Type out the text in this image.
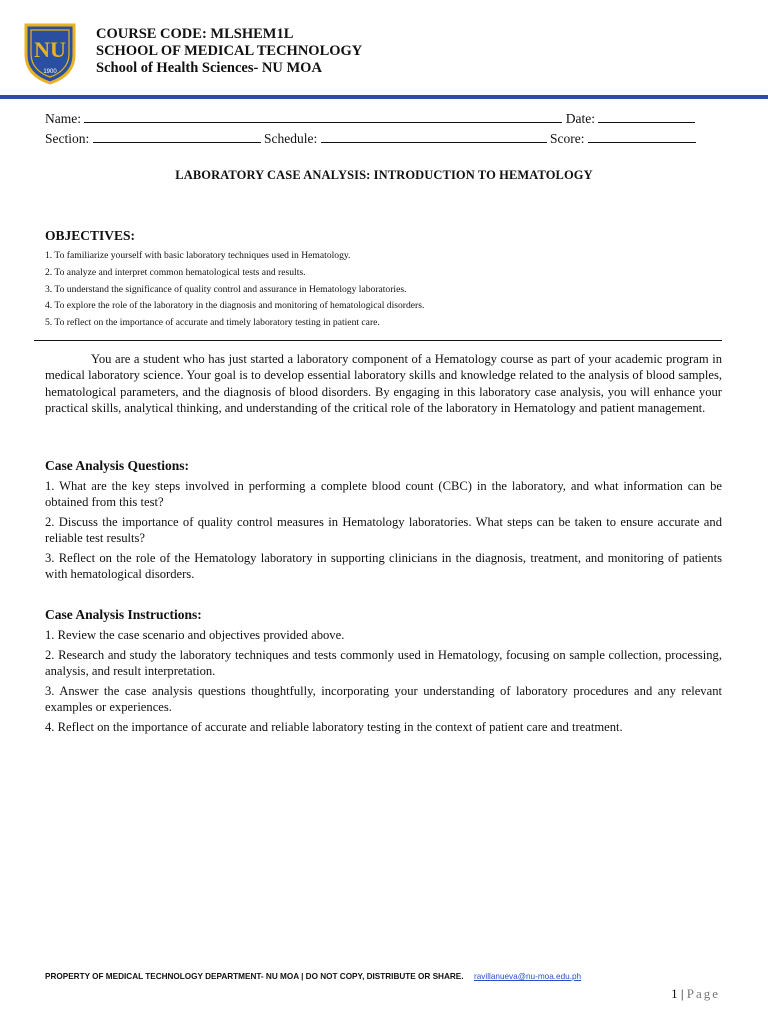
NU
1900
COURSE CODE: MLSHEM1L
SCHOOL OF MEDICAL TECHNOLOGY
School of Health Sciences- NU MOA
Name:	Date:
Section:	Schedule:	Score:
LABORATORY CASE ANALYSIS: INTRODUCTION TO HEMATOLOGY
OBJECTIVES:
1. To familiarize yourself with basic laboratory techniques used in Hematology.
2. To analyze and interpret common hematological tests and results.
3. To understand the significance of quality control and assurance in Hematology laboratories.
4. To explore the role of the laboratory in the diagnosis and monitoring of hematological disorders.
5. To reflect on the importance of accurate and timely laboratory testing in patient care.
You are a student who has just started a laboratory component of a Hematology course as part of your academic program in medical laboratory science. Your goal is to develop essential laboratory skills and knowledge related to the analysis of blood samples, hematological parameters, and the diagnosis of blood disorders. By engaging in this laboratory case analysis, you will enhance your practical skills, analytical thinking, and understanding of the critical role of the laboratory in Hematology and patient management.
Case Analysis Questions:
1. What are the key steps involved in performing a complete blood count (CBC) in the laboratory, and what information can be obtained from this test?
2. Discuss the importance of quality control measures in Hematology laboratories. What steps can be taken to ensure accurate and reliable test results?
3. Reflect on the role of the Hematology laboratory in supporting clinicians in the diagnosis, treatment, and monitoring of patients with hematological disorders.
Case Analysis Instructions:
1. Review the case scenario and objectives provided above.
2. Research and study the laboratory techniques and tests commonly used in Hematology, focusing on sample collection, processing, analysis, and result interpretation.
3. Answer the case analysis questions thoughtfully, incorporating your understanding of laboratory procedures and any relevant examples or experiences.
4. Reflect on the importance of accurate and reliable laboratory testing in the context of patient care and treatment.
PROPERTY OF MEDICAL TECHNOLOGY DEPARTMENT- NU MOA | DO NOT COPY, DISTRIBUTE OR SHARE. ravillanueva@nu-moa.edu.ph
1 | Page
